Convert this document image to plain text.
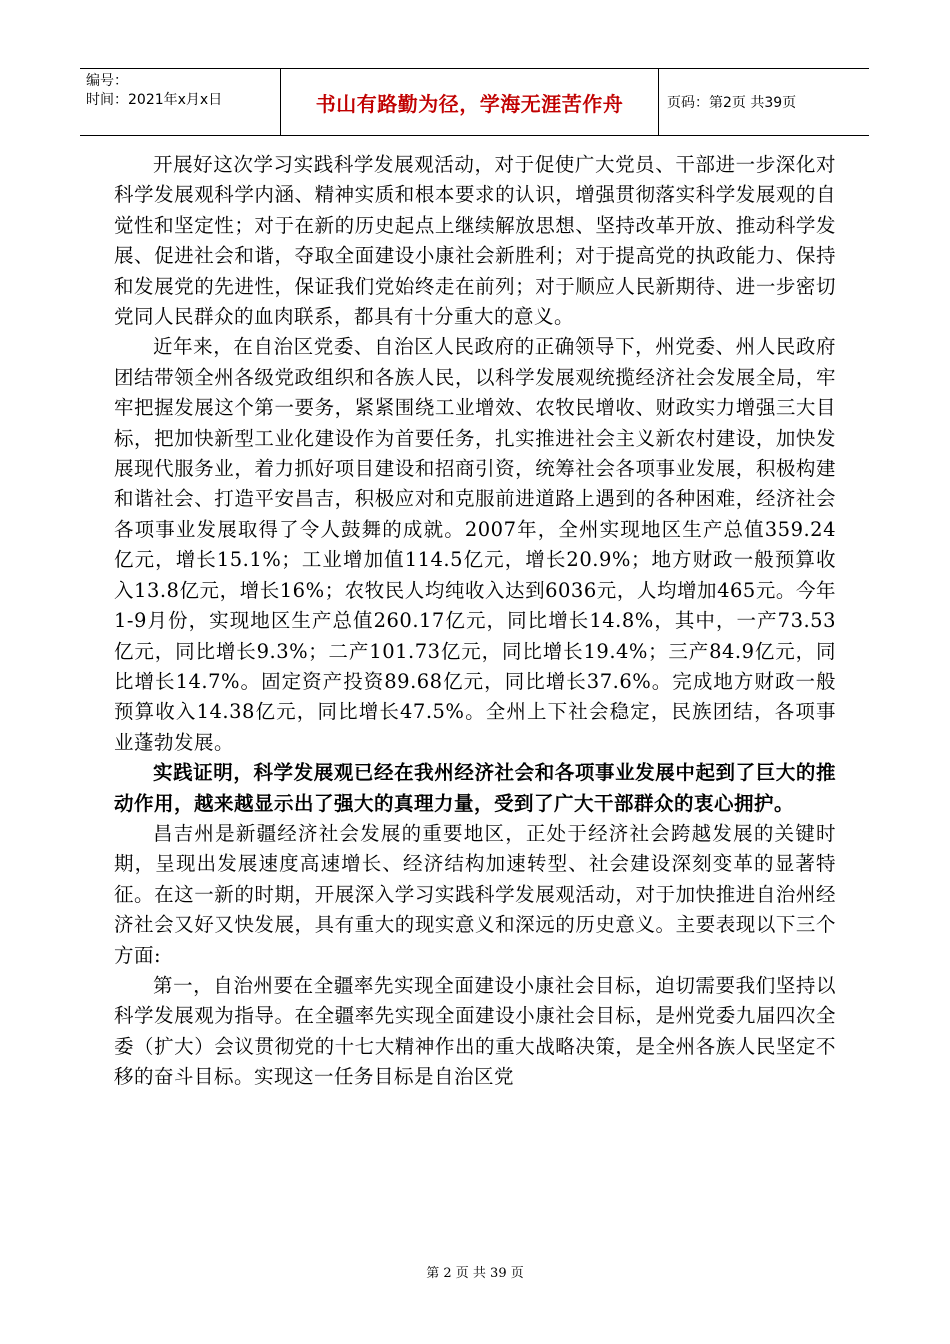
编号：
时间：2021年x月x日	书山有路勤为径，学海无涯苦作舟	页码：第2页 共39页

开展好这次学习实践科学发展观活动，对于促使广大党员、干部进一步深化对科学发展观科学内涵、精神实质和根本要求的认识，增强贯彻落实科学发展观的自觉性和坚定性；对于在新的历史起点上继续解放思想、坚持改革开放、推动科学发展、促进社会和谐，夺取全面建设小康社会新胜利；对于提高党的执政能力、保持和发展党的先进性，保证我们党始终走在前列；对于顺应人民新期待、进一步密切党同人民群众的血肉联系，都具有十分重大的意义。

近年来，在自治区党委、自治区人民政府的正确领导下，州党委、州人民政府团结带领全州各级党政组织和各族人民，以科学发展观统揽经济社会发展全局，牢牢把握发展这个第一要务，紧紧围绕工业增效、农牧民增收、财政实力增强三大目标，把加快新型工业化建设作为首要任务，扎实推进社会主义新农村建设，加快发展现代服务业，着力抓好项目建设和招商引资，统筹社会各项事业发展，积极构建和谐社会、打造平安昌吉，积极应对和克服前进道路上遇到的各种困难，经济社会各项事业发展取得了令人鼓舞的成就。2007年，全州实现地区生产总值359.24亿元，增长15.1%；工业增加值114.5亿元，增长20.9%；地方财政一般预算收入13.8亿元，增长16%；农牧民人均纯收入达到6036元，人均增加465元。今年1-9月份，实现地区生产总值260.17亿元，同比增长14.8%，其中，一产73.53亿元，同比增长9.3%；二产101.73亿元，同比增长19.4%；三产84.9亿元，同比增长14.7%。固定资产投资89.68亿元，同比增长37.6%。完成地方财政一般预算收入14.38亿元，同比增长47.5%。全州上下社会稳定，民族团结，各项事业蓬勃发展。

实践证明，科学发展观已经在我州经济社会和各项事业发展中起到了巨大的推动作用，越来越显示出了强大的真理力量，受到了广大干部群众的衷心拥护。

昌吉州是新疆经济社会发展的重要地区，正处于经济社会跨越发展的关键时期，呈现出发展速度高速增长、经济结构加速转型、社会建设深刻变革的显著特征。在这一新的时期，开展深入学习实践科学发展观活动，对于加快推进自治州经济社会又好又快发展，具有重大的现实意义和深远的历史意义。主要表现以下三个方面:

第一，自治州要在全疆率先实现全面建设小康社会目标，迫切需要我们坚持以科学发展观为指导。在全疆率先实现全面建设小康社会目标，是州党委九届四次全委（扩大）会议贯彻党的十七大精神作出的重大战略决策，是全州各族人民坚定不移的奋斗目标。实现这一任务目标是自治区党

第 2 页 共 39 页
